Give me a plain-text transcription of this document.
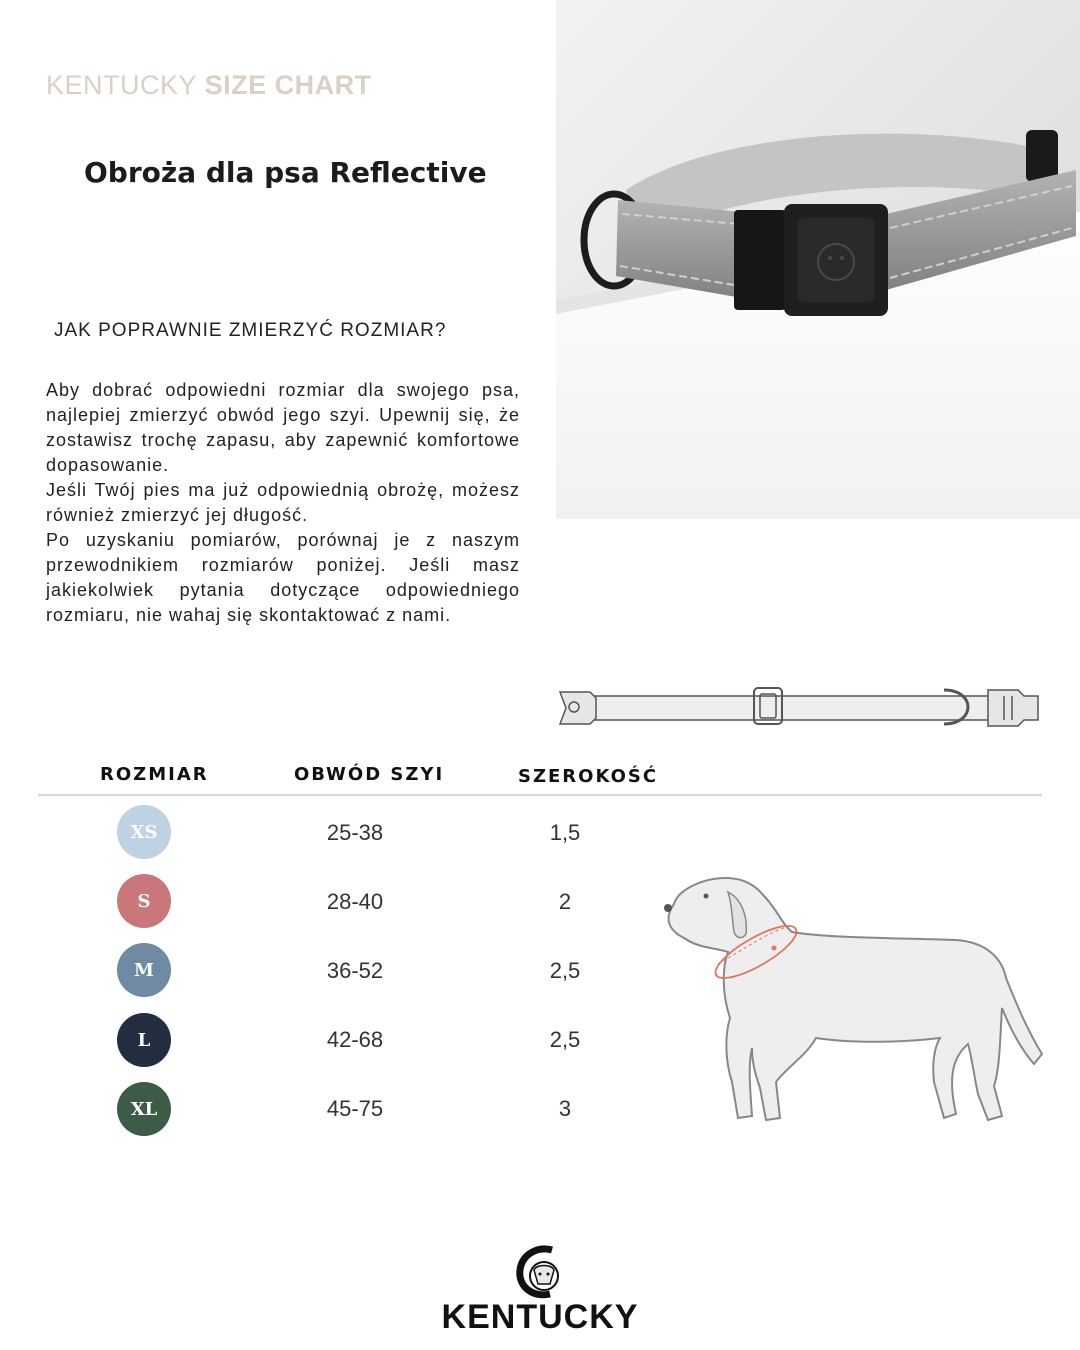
KENTUCKY SIZE CHART
Obroża dla psa Reflective
JAK POPRAWNIE ZMIERZYĆ ROZMIAR?

Aby dobrać odpowiedni rozmiar dla swojego psa, najlepiej zmierzyć obwód jego szyi. Upewnij się, że zostawisz trochę zapasu, aby zapewnić komfortowe dopasowanie.

Jeśli Twój pies ma już odpowiednią obrożę, możesz również zmierzyć jej długość.

Po uzyskaniu pomiarów, porównaj je z naszym przewodnikiem rozmiarów poniżej. Jeśli masz jakiekolwiek pytania dotyczące odpowiedniego rozmiaru, nie wahaj się skontaktować z nami.

ROZMIAR	OBWÓD SZYI	SZEROKOŚĆ
XS	25-38	1,5
S	28-40	2
M	36-52	2,5
L	42-68	2,5
XL	45-75	3
KENTUCKY
